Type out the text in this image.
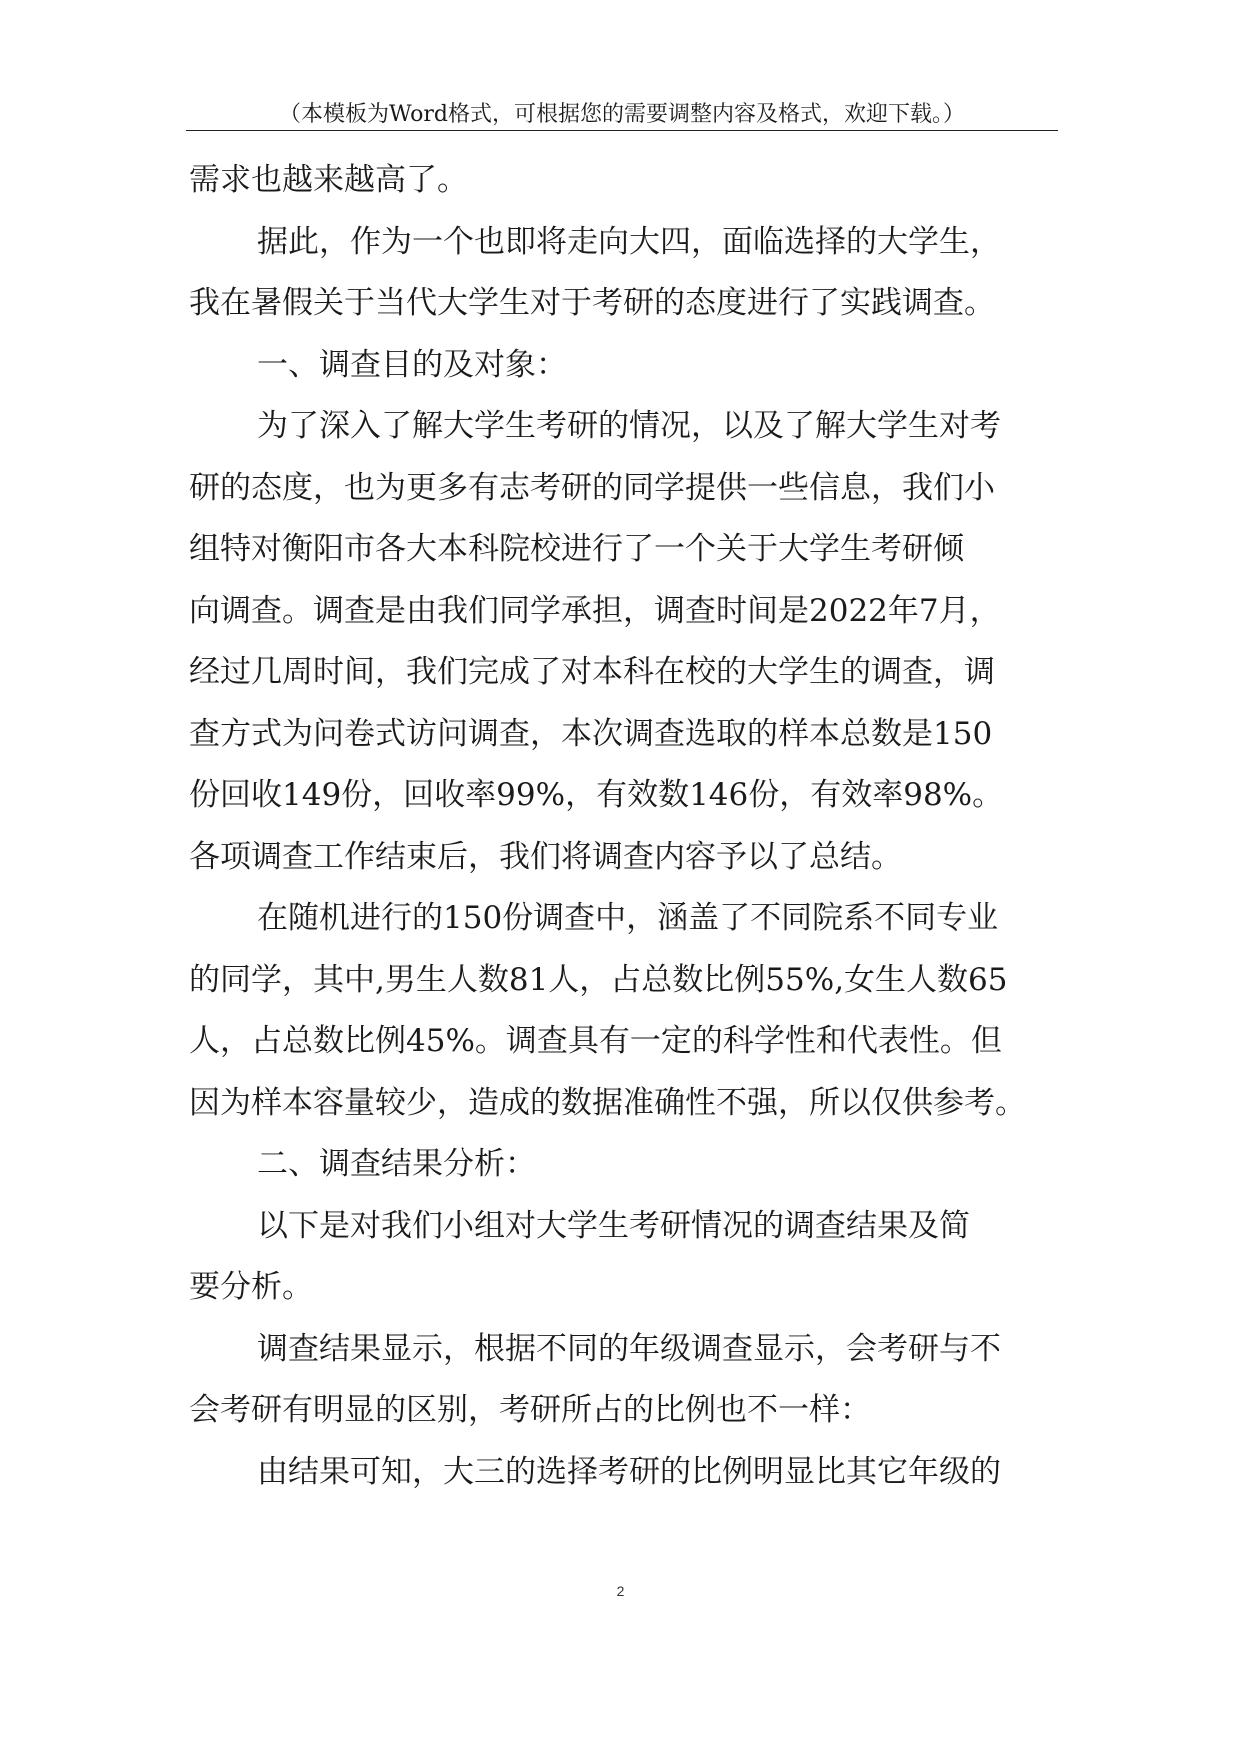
（本模板为Word格式，可根据您的需要调整内容及格式，欢迎下载。）
需求也越来越高了。
据此，作为一个也即将走向大四，面临选择的大学生，
我在暑假关于当代大学生对于考研的态度进行了实践调查。
一、调查目的及对象：
为了深入了解大学生考研的情况，以及了解大学生对考
研的态度，也为更多有志考研的同学提供一些信息，我们小
组特对衡阳市各大本科院校进行了一个关于大学生考研倾
向调查。调查是由我们同学承担，调查时间是2022年7月，
经过几周时间，我们完成了对本科在校的大学生的调查，调
查方式为问卷式访问调查，本次调查选取的样本总数是150
份回收149份，回收率99%，有效数146份，有效率98%。
各项调查工作结束后，我们将调查内容予以了总结。
在随机进行的150份调查中，涵盖了不同院系不同专业
的同学，其中,男生人数81人，占总数比例55%,女生人数65
人，占总数比例45%。调查具有一定的科学性和代表性。但
因为样本容量较少，造成的数据准确性不强，所以仅供参考。
二、调查结果分析：
以下是对我们小组对大学生考研情况的调查结果及简
要分析。
调查结果显示，根据不同的年级调查显示，会考研与不
会考研有明显的区别，考研所占的比例也不一样：
由结果可知，大三的选择考研的比例明显比其它年级的
2
